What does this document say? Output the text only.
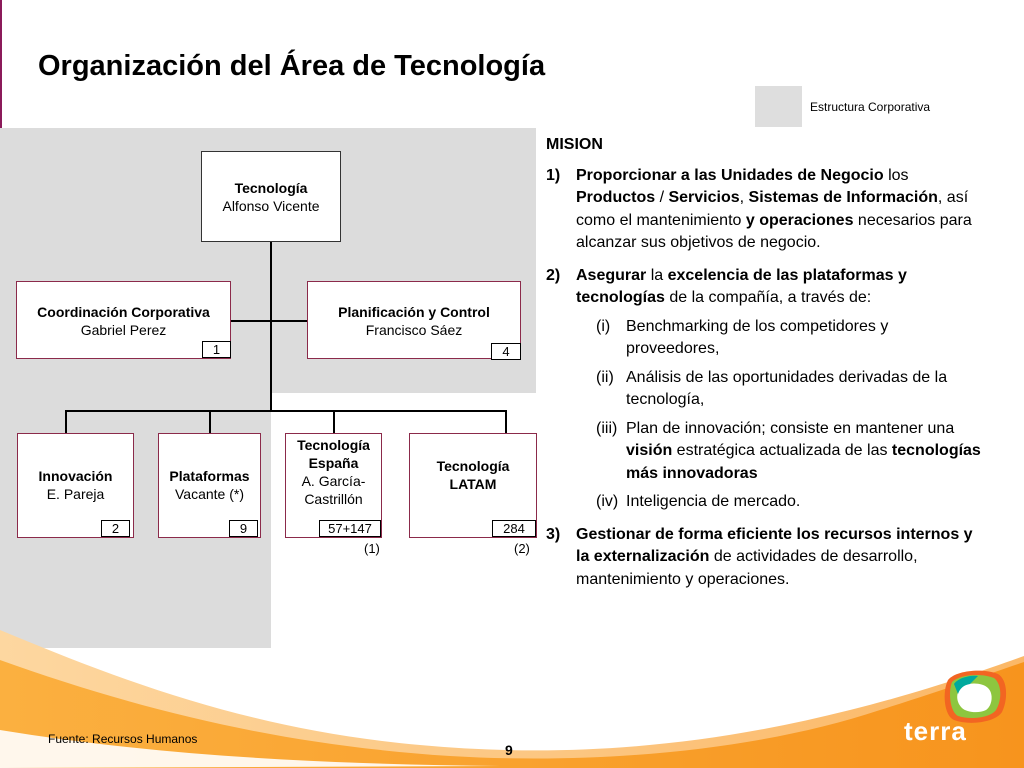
Organización del Área de Tecnología
Estructura Corporativa
Tecnología
Alfonso Vicente
Coordinación Corporativa
Gabriel Perez
1
Planificación y Control
Francisco Sáez
4
Innovación
E. Pareja
2
Plataformas
Vacante (*)
9
Tecnología
España
A. García-
Castrillón
57+147
(1)
Tecnología
LATAM
284
(2)
MISION
1) Proporcionar a las Unidades de Negocio los Productos / Servicios, Sistemas de Información, así como el mantenimiento y operaciones necesarios para alcanzar sus objetivos de negocio.
2) Asegurar la excelencia de las plataformas y tecnologías de la compañía, a través de:
(i) Benchmarking de los competidores y proveedores,
(ii) Análisis de las oportunidades derivadas de la tecnología,
(iii) Plan de innovación; consiste en mantener una visión estratégica actualizada de las tecnologías más innovadoras
(iv) Inteligencia de mercado.
3) Gestionar de forma eficiente los recursos internos y la externalización de actividades de desarrollo, mantenimiento y operaciones.
Fuente: Recursos Humanos
9
terra
